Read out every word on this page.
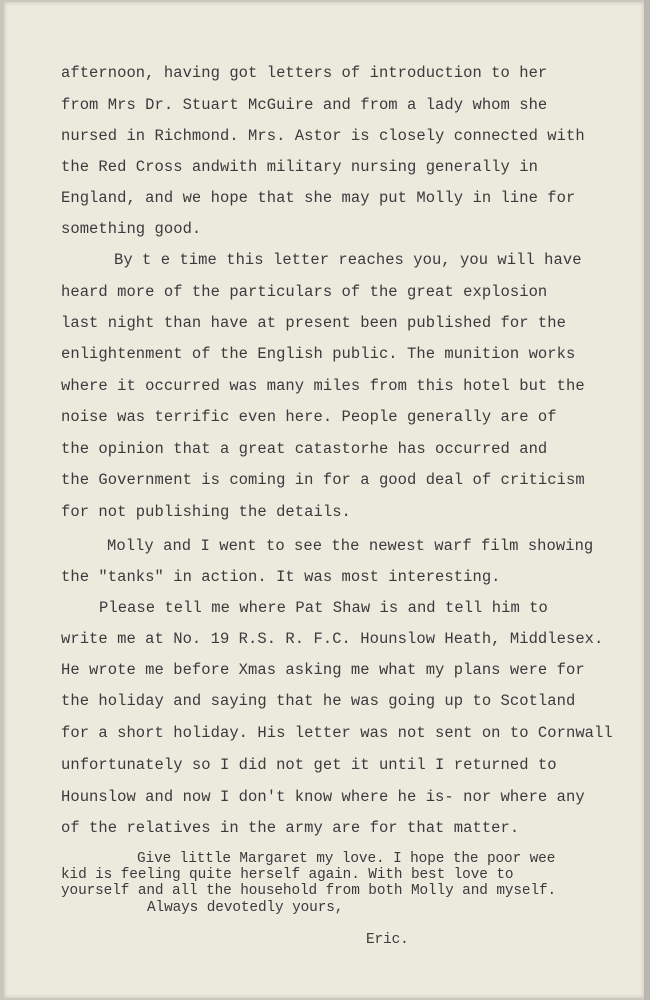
afternoon, having got letters of introduction to her
from Mrs Dr. Stuart McGuire and from a lady whom she
nursed in Richmond. Mrs. Astor is closely connected with
the Red Cross andwith military nursing generally in
England, and we hope that she may put Molly in line for
something good.
By t e time this letter reaches you, you will have
heard more of the particulars of the great explosion
last night than have at present been published for the
enlightenment of the English public. The munition works
where it occurred was many miles from this hotel but the
noise was terrific even here. People generally are of
the opinion that a great catastorhe has occurred and
the Government is coming in for a good deal of criticism
for not publishing the details.
Molly and I went to see the newest warf film showing
the "tanks" in action. It was most interesting.
Please tell me where Pat Shaw is and tell him to
write me at No. 19 R.S. R. F.C. Hounslow Heath, Middlesex.
He wrote me before Xmas asking me what my plans were for
the holiday and saying that he was going up to Scotland
for a short holiday. His letter was not sent on to Cornwall
unfortunately so I did not get it until I returned to
Hounslow and now I don't know where he is- nor where any
of the relatives in the army are for that matter.
Give little Margaret my love. I hope the poor wee
kid is feeling quite herself again. With best love to
yourself and all the household from both Molly and myself.
Always devotedly yours,
Eric.
